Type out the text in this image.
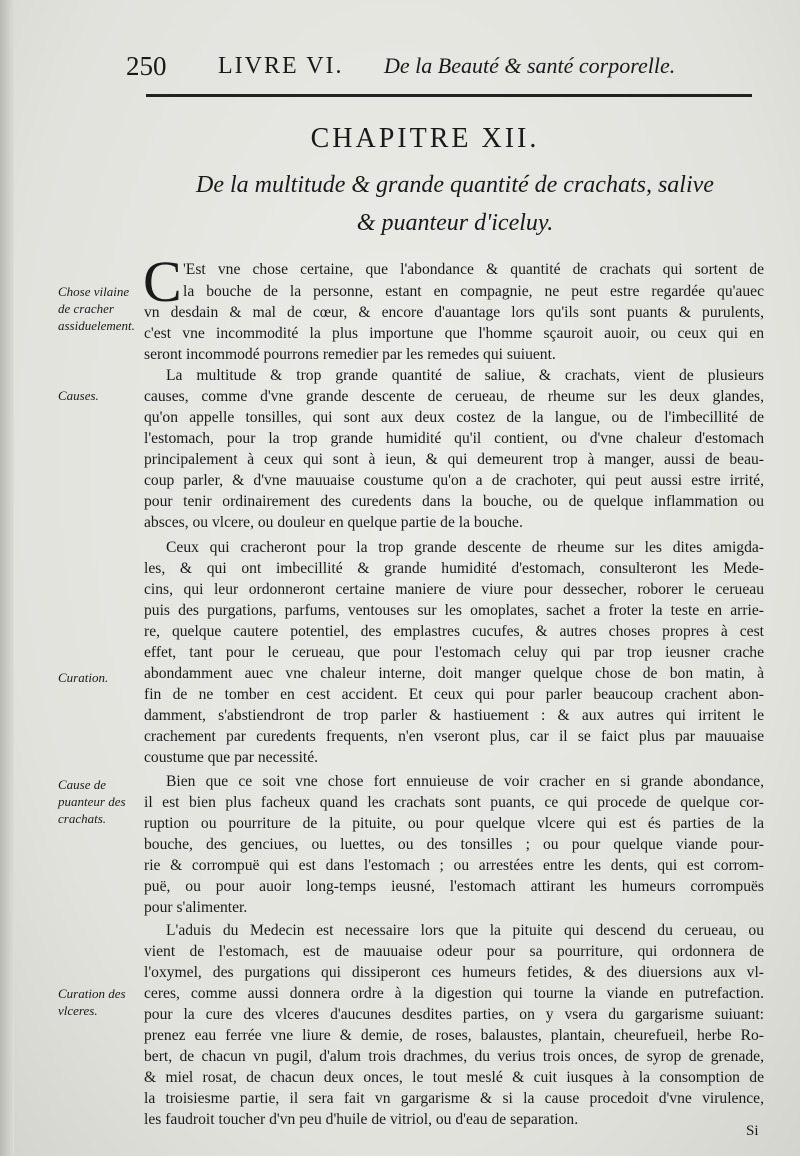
250 LIVRE VI. De la Beauté & santé corporelle.
CHAPITRE XII.
De la multitude & grande quantité de crachats, salive
& puanteur d'iceluy.
C
Chose vilaine de cracher assiduelement.
Causes.
Curation.
Cause de puanteur des crachats.
Curation des vlceres.
'Est vne chose certaine, que l'abondance & quantité de crachats qui sortent de
la bouche de la personne, estant en compagnie, ne peut estre regardée qu'auec
vn desdain & mal de cœur, & encore d'auantage lors qu'ils sont puants & purulents,
c'est vne incommodité la plus importune que l'homme sçauroit auoir, ou ceux qui en
seront incommodé pourrons remedier par les remedes qui suiuent.
La multitude & trop grande quantité de saliue, & crachats, vient de plusieurs
causes, comme d'vne grande descente de cerueau, de rheume sur les deux glandes,
qu'on appelle tonsilles, qui sont aux deux costez de la langue, ou de l'imbecillité de
l'estomach, pour la trop grande humidité qu'il contient, ou d'vne chaleur d'estomach
principalement à ceux qui sont à ieun, & qui demeurent trop à manger, aussi de beau-
coup parler, & d'vne mauuaise coustume qu'on a de crachoter, qui peut aussi estre irrité,
pour tenir ordinairement des curedents dans la bouche, ou de quelque inflammation ou
absces, ou vlcere, ou douleur en quelque partie de la bouche.
Ceux qui cracheront pour la trop grande descente de rheume sur les dites amigda-
les, & qui ont imbecillité & grande humidité d'estomach, consulteront les Mede-
cins, qui leur ordonneront certaine maniere de viure pour dessecher, roborer le cerueau
puis des purgations, parfums, ventouses sur les omoplates, sachet a froter la teste en arrie-
re, quelque cautere potentiel, des emplastres cucufes, & autres choses propres à cest
effet, tant pour le cerueau, que pour l'estomach celuy qui par trop ieusner crache
abondamment auec vne chaleur interne, doit manger quelque chose de bon matin, à
fin de ne tomber en cest accident. Et ceux qui pour parler beaucoup crachent abon-
damment, s'abstiendront de trop parler & hastiuement : & aux autres qui irritent le
crachement par curedents frequents, n'en vseront plus, car il se faict plus par mauuaise
coustume que par necessité.
Bien que ce soit vne chose fort ennuieuse de voir cracher en si grande abondance,
il est bien plus facheux quand les crachats sont puants, ce qui procede de quelque cor-
ruption ou pourriture de la pituite, ou pour quelque vlcere qui est és parties de la
bouche, des genciues, ou luettes, ou des tonsilles ; ou pour quelque viande pour-
rie & corrompuë qui est dans l'estomach ; ou arrestées entre les dents, qui est corrom-
puë, ou pour auoir long-temps ieusné, l'estomach attirant les humeurs corrompuës
pour s'alimenter.
L'aduis du Medecin est necessaire lors que la pituite qui descend du cerueau, ou
vient de l'estomach, est de mauuaise odeur pour sa pourriture, qui ordonnera de
l'oxymel, des purgations qui dissiperont ces humeurs fetides, & des diuersions aux vl-
ceres, comme aussi donnera ordre à la digestion qui tourne la viande en putrefaction.
pour la cure des vlceres d'aucunes desdites parties, on y vsera du gargarisme suiuant:
prenez eau ferrée vne liure & demie, de roses, balaustes, plantain, cheurefueil, herbe Ro-
bert, de chacun vn pugil, d'alum trois drachmes, du verius trois onces, de syrop de grenade,
& miel rosat, de chacun deux onces, le tout meslé & cuit iusques à la consomption de
la troisiesme partie, il sera fait vn gargarisme & si la cause procedoit d'vne virulence,
les faudroit toucher d'vn peu d'huile de vitriol, ou d'eau de separation.
Si
